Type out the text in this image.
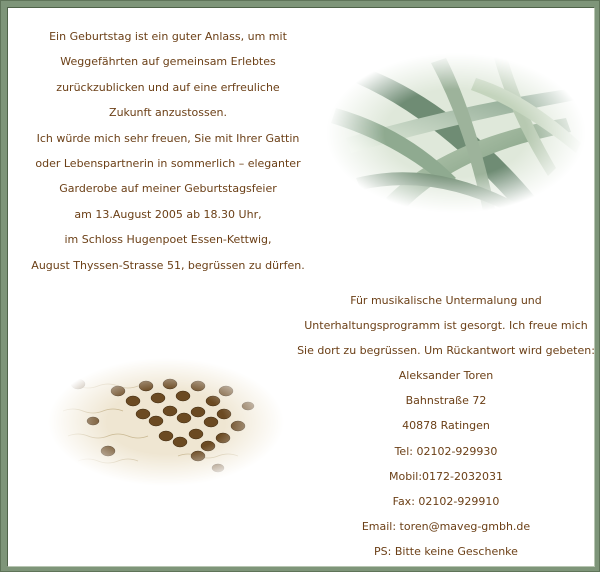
Ein Geburtstag ist ein guter Anlass, um mit

Weggefährten auf gemeinsam Erlebtes

zurückzublicken und auf eine erfreuliche

Zukunft anzustossen.

Ich würde mich sehr freuen, Sie mit Ihrer Gattin

oder Lebenspartnerin in sommerlich – eleganter

Garderobe auf meiner Geburtstagsfeier

am 13.August 2005 ab 18.30 Uhr,

im Schloss Hugenpoet Essen-Kettwig,

August Thyssen-Strasse 51, begrüssen zu dürfen.

Für musikalische Untermalung und

Unterhaltungsprogramm ist gesorgt. Ich freue mich

Sie dort zu begrüssen. Um Rückantwort wird gebeten:

Aleksander Toren

Bahnstraße 72

40878 Ratingen

Tel: 02102-929930

Mobil:0172-2032031

Fax: 02102-929910

Email: toren@maveg-gmbh.de

PS: Bitte keine Geschenke
